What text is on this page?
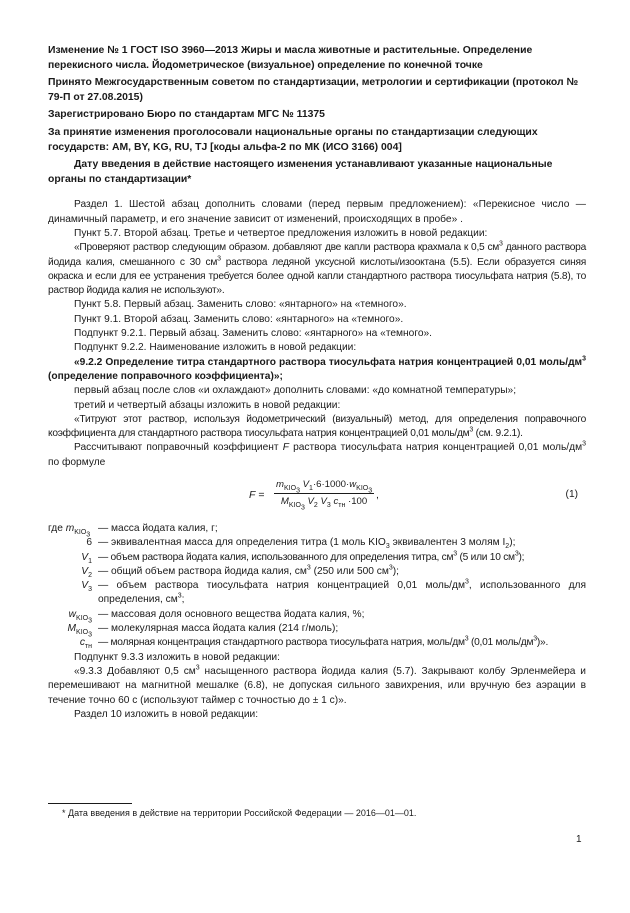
Изменение № 1 ГОСТ ISO 3960—2013 Жиры и масла животные и растительные. Определение перекисного числа. Йодометрическое (визуальное) определение по конечной точке

Принято Межгосударственным советом по стандартизации, метрологии и сертификации (протокол № 79-П от 27.08.2015)

Зарегистрировано Бюро по стандартам МГС № 11375

За принятие изменения проголосовали национальные органы по стандартизации следующих государств: AM, BY, KG, RU, TJ [коды альфа-2 по МК (ИСО 3166) 004]

Дату введения в действие настоящего изменения устанавливают указанные национальные органы по стандартизации*

Раздел 1. Шестой абзац дополнить словами (перед первым предложением): «Перекисное число — динамичный параметр, и его значение зависит от изменений, происходящих в пробе» .

Пункт 5.7. Второй абзац. Третье и четвертое предложения изложить в новой редакции:

«Проверяют раствор следующим образом. добавляют две капли раствора крахмала к 0,5 $см^3$ данного раствора йодида калия, смешанного с 30 $см^3$ раствора ледяной уксусной кислоты/изооктана (5.5). Если образуется синяя окраска и если для ее устранения требуется более одной капли стандартного раствора тиосульфата натрия (5.8), то раствор йодида калия не используют».

Пункт 5.8. Первый абзац. Заменить слово: «янтарного» на «темного».

Пункт 9.1. Второй абзац. Заменить слово: «янтарного» на «темного».

Подпункт 9.2.1. Первый абзац. Заменить слово: «янтарного» на «темного».

Подпункт 9.2.2. Наименование изложить в новой редакции:

«9.2.2 Определение титра стандартного раствора тиосульфата натрия концентрацией 0,01 моль/$дм^3$ (определение поправочного коэффициента)»;

первый абзац после слов «и охлаждают» дополнить словами: «до комнатной температуры»;

третий и четвертый абзацы изложить в новой редакции:

«Титруют этот раствор, используя йодометрический (визуальный) метод, для определения поправочного коэффициента для стандартного раствора тиосульфата натрия концентрацией 0,01 моль/$дм^3$ (см. 9.2.1).

Рассчитывают поправочный коэффициент F раствора тиосульфата натрия концентрацией 0,01 моль/$дм^3$ по формуле

F =
$m_{KIO_3}$ $V_1\cdot 6\cdot 1000\cdot w_{KIO_3}$
$M_{KIO_3}$ $V_2$ $V_3$ $c_{тн} \cdot 100$
,	(1)
где $m_{KIO_3}$
— масса йодата калия, г;
6 — эквивалентная масса для определения титра (1 моль $KIO_3$ эквивалентен 3 молям $I_2$);
$V_1$ — объем раствора йодата калия, использованного для определения титра, $см^3$ (5 или 10 $см^3$);
$V_2$ — общий объем раствора йодида калия, $см^3$ (250 или 500 $см^3$);
$V_3$ — объем раствора тиосульфата натрия концентрацией 0,01 моль/$дм^3$, использованного для определения, $см^3$;
$w_{KIO_3}$
— массовая доля основного вещества йодата калия, %;
$M_{KIO_3}$
— молекулярная масса йодата калия (214 г/моль);
$c_{тн}$ — молярная концентрация стандартного раствора тиосульфата натрия, моль/$дм^3$ (0,01 моль/$дм^3$)».

Подпункт 9.3.3 изложить в новой редакции:

«9.3.3 Добавляют 0,5 $см^3$ насыщенного раствора йодида калия (5.7). Закрывают колбу Эрленмейера и перемешивают на магнитной мешалке (6.8), не допуская сильного завихрения, или вручную без аэрации в течение точно 60 с (используют таймер с точностью до ± 1 с)».

Раздел 10 изложить в новой редакции:

* Дата введения в действие на территории Российской Федерации — 2016—01—01.
1
